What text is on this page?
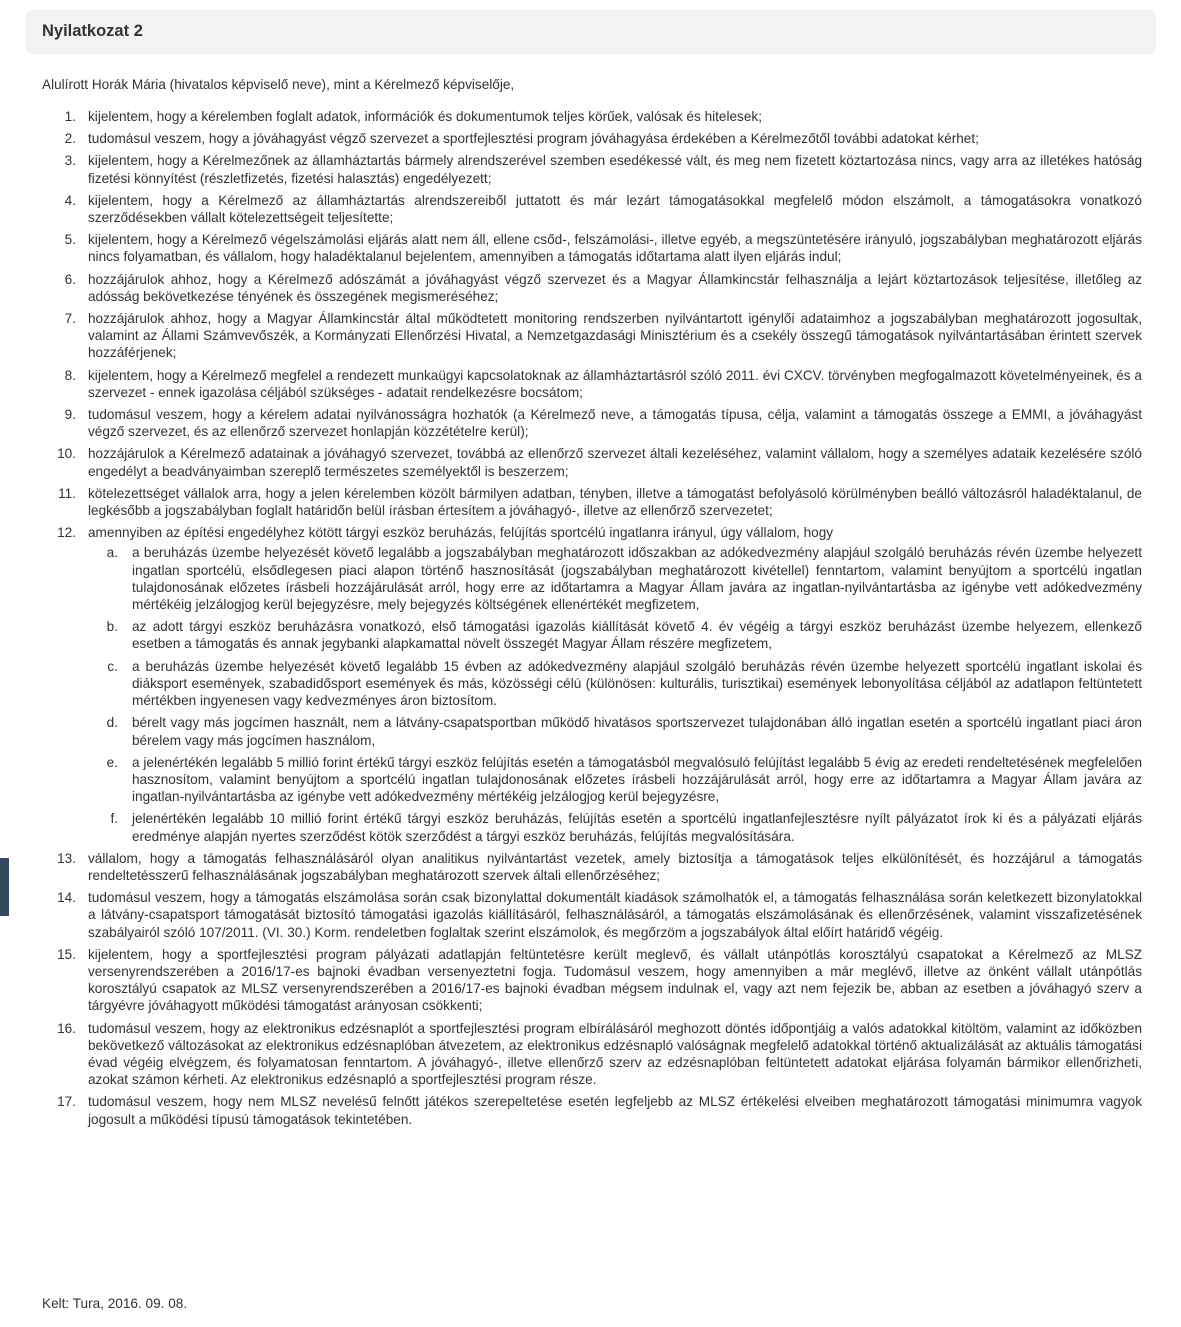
Nyilatkozat 2
Alulírott Horák Mária (hivatalos képviselő neve), mint a Kérelmező képviselője,
1. kijelentem, hogy a kérelemben foglalt adatok, információk és dokumentumok teljes körűek, valósak és hitelesek;
2. tudomásul veszem, hogy a jóváhagyást végző szervezet a sportfejlesztési program jóváhagyása érdekében a Kérelmezőtől további adatokat kérhet;
3. kijelentem, hogy a Kérelmezőnek az államháztartás bármely alrendszerével szemben esedékessé vált, és meg nem fizetett köztartozása nincs, vagy arra az illetékes hatóság fizetési könnyítést (részletfizetés, fizetési halasztás) engedélyezett;
4. kijelentem, hogy a Kérelmező az államháztartás alrendszereiből juttatott és már lezárt támogatásokkal megfelelő módon elszámolt, a támogatásokra vonatkozó szerződésekben vállalt kötelezettségeit teljesítette;
5. kijelentem, hogy a Kérelmező végelszámolási eljárás alatt nem áll, ellene csőd-, felszámolási-, illetve egyéb, a megszüntetésére irányuló, jogszabályban meghatározott eljárás nincs folyamatban, és vállalom, hogy haladéktalanul bejelentem, amennyiben a támogatás időtartama alatt ilyen eljárás indul;
6. hozzájárulok ahhoz, hogy a Kérelmező adószámát a jóváhagyást végző szervezet és a Magyar Államkincstár felhasználja a lejárt köztartozások teljesítése, illetőleg az adósság bekövetkezése tényének és összegének megismeréséhez;
7. hozzájárulok ahhoz, hogy a Magyar Államkincstár által működtetett monitoring rendszerben nyilvántartott igénylői adataimhoz a jogszabályban meghatározott jogosultak, valamint az Állami Számvevőszék, a Kormányzati Ellenőrzési Hivatal, a Nemzetgazdasági Minisztérium és a csekély összegű támogatások nyilvántartásában érintett szervek hozzáférjenek;
8. kijelentem, hogy a Kérelmező megfelel a rendezett munkaügyi kapcsolatoknak az államháztartásról szóló 2011. évi CXCV. törvényben megfogalmazott követelményeinek, és a szervezet - ennek igazolása céljából szükséges - adatait rendelkezésre bocsátom;
9. tudomásul veszem, hogy a kérelem adatai nyilvánosságra hozhatók (a Kérelmező neve, a támogatás típusa, célja, valamint a támogatás összege a EMMI, a jóváhagyást végző szervezet, és az ellenőrző szervezet honlapján közzétételre kerül);
10. hozzájárulok a Kérelmező adatainak a jóváhagyó szervezet, továbbá az ellenőrző szervezet általi kezeléséhez, valamint vállalom, hogy a személyes adataik kezelésére szóló engedélyt a beadványaimban szereplő természetes személyektől is beszerzem;
11. kötelezettséget vállalok arra, hogy a jelen kérelemben közölt bármilyen adatban, tényben, illetve a támogatást befolyásoló körülményben beálló változásról haladéktalanul, de legkésőbb a jogszabályban foglalt határidőn belül írásban értesítem a jóváhagyó-, illetve az ellenőrző szervezetet;
12. amennyiben az építési engedélyhez kötött tárgyi eszköz beruházás, felújítás sportcélú ingatlanra irányul, úgy vállalom, hogy
a. a beruházás üzembe helyezését követő legalább a jogszabályban meghatározott időszakban az adókedvezmény alapjául szolgáló beruházás révén üzembe helyezett ingatlan sportcélú, elsődlegesen piaci alapon történő hasznosítását (jogszabályban meghatározott kivétellel) fenntartom, valamint benyújtom a sportcélú ingatlan tulajdonosának előzetes írásbeli hozzájárulását arról, hogy erre az időtartamra a Magyar Állam javára az ingatlan-nyilvántartásba az igénybe vett adókedvezmény mértékéig jelzálogjog kerül bejegyzésre, mely bejegyzés költségének ellenértékét megfizetem,
b. az adott tárgyi eszköz beruházásra vonatkozó, első támogatási igazolás kiállítását követő 4. év végéig a tárgyi eszköz beruházást üzembe helyezem, ellenkező esetben a támogatás és annak jegybanki alapkamattal növelt összegét Magyar Állam részére megfizetem,
c. a beruházás üzembe helyezését követő legalább 15 évben az adókedvezmény alapjául szolgáló beruházás révén üzembe helyezett sportcélú ingatlant iskolai és diáksport események, szabadidősport események és más, közösségi célú (különösen: kulturális, turisztikai) események lebonyolítása céljából az adatlapon feltüntetett mértékben ingyenesen vagy kedvezményes áron biztosítom.
d. bérelt vagy más jogcímen használt, nem a látvány-csapatsportban működő hivatásos sportszervezet tulajdonában álló ingatlan esetén a sportcélú ingatlant piaci áron bérelem vagy más jogcímen használom,
e. a jelenértékén legalább 5 millió forint értékű tárgyi eszköz felújítás esetén a támogatásból megvalósuló felújítást legalább 5 évig az eredeti rendeltetésének megfelelően hasznosítom, valamint benyújtom a sportcélú ingatlan tulajdonosának előzetes írásbeli hozzájárulását arról, hogy erre az időtartamra a Magyar Állam javára az ingatlan-nyilvántartásba az igénybe vett adókedvezmény mértékéig jelzálogjog kerül bejegyzésre,
f. jelenértékén legalább 10 millió forint értékű tárgyi eszköz beruházás, felújítás esetén a sportcélú ingatlanfejlesztésre nyílt pályázatot írok ki és a pályázati eljárás eredménye alapján nyertes szerződést kötök szerződést a tárgyi eszköz beruházás, felújítás megvalósítására.
13. vállalom, hogy a támogatás felhasználásáról olyan analitikus nyilvántartást vezetek, amely biztosítja a támogatások teljes elkülönítését, és hozzájárul a támogatás rendeltetésszerű felhasználásának jogszabályban meghatározott szervek általi ellenőrzéséhez;
14. tudomásul veszem, hogy a támogatás elszámolása során csak bizonylattal dokumentált kiadások számolhatók el, a támogatás felhasználása során keletkezett bizonylatokkal a látvány-csapatsport támogatását biztosító támogatási igazolás kiállításáról, felhasználásáról, a támogatás elszámolásának és ellenőrzésének, valamint visszafizetésének szabályairól szóló 107/2011. (VI. 30.) Korm. rendeletben foglaltak szerint elszámolok, és megőrzöm a jogszabályok által előírt határidő végéig.
15. kijelentem, hogy a sportfejlesztési program pályázati adatlapján feltüntetésre került meglevő, és vállalt utánpótlás korosztályú csapatokat a Kérelmező az MLSZ versenyrendszerében a 2016/17-es bajnoki évadban versenyeztetni fogja. Tudomásul veszem, hogy amennyiben a már meglévő, illetve az önként vállalt utánpótlás korosztályú csapatok az MLSZ versenyrendszerében a 2016/17-es bajnoki évadban mégsem indulnak el, vagy azt nem fejezik be, abban az esetben a jóváhagyó szerv a tárgyévre jóváhagyott működési támogatást arányosan csökkenti;
16. tudomásul veszem, hogy az elektronikus edzésnaplót a sportfejlesztési program elbírálásáról meghozott döntés időpontjáig a valós adatokkal kitöltöm, valamint az időközben bekövetkező változásokat az elektronikus edzésnaplóban átvezetem, az elektronikus edzésnapló valóságnak megfelelő adatokkal történő aktualizálását az aktuális támogatási évad végéig elvégzem, és folyamatosan fenntartom. A jóváhagyó-, illetve ellenőrző szerv az edzésnaplóban feltüntetett adatokat eljárása folyamán bármikor ellenőrizheti, azokat számon kérheti. Az elektronikus edzésnapló a sportfejlesztési program része.
17. tudomásul veszem, hogy nem MLSZ nevelésű felnőtt játékos szerepeltetése esetén legfeljebb az MLSZ értékelési elveiben meghatározott támogatási minimumra vagyok jogosult a működési típusú támogatások tekintetében.
Kelt: Tura, 2016. 09. 08.
